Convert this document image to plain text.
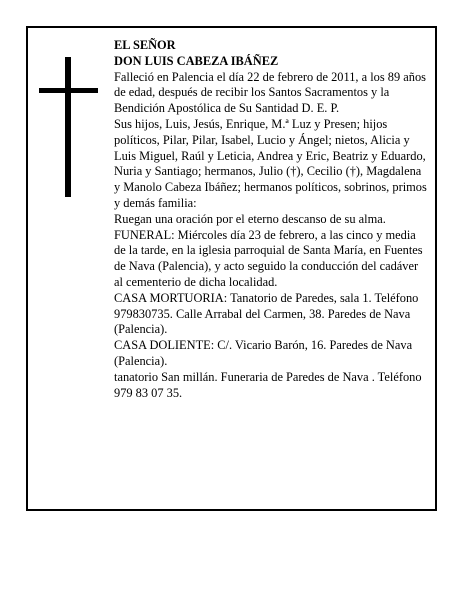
EL SEÑOR

DON LUIS CABEZA IBÁÑEZ

Falleció en Palencia el día 22 de febrero de 2011, a los 89 años de edad, después de recibir los Santos Sacramentos y la Bendición Apostólica de Su Santidad D. E. P.

Sus hijos, Luis, Jesús, Enrique, M.ª Luz y Presen; hijos políticos, Pilar, Pilar, Isabel, Lucio y Ángel; nietos, Alicia y Luis Miguel, Raúl y Leticia, Andrea y Eric, Beatriz y Eduardo, Nuria y Santiago; hermanos, Julio (†), Cecilio (†), Magdalena y Manolo Cabeza Ibáñez; hermanos políticos, sobrinos, primos y demás familia:

Ruegan una oración por el eterno descanso de su alma.

FUNERAL: Miércoles día 23 de febrero, a las cinco y media de la tarde, en la iglesia parroquial de Santa María, en Fuentes de Nava (Palencia), y acto seguido la conducción del cadáver al cementerio de dicha localidad.

CASA MORTUORIA: Tanatorio de Paredes, sala 1. Teléfono 979830735. Calle Arrabal del Carmen, 38. Paredes de Nava (Palencia).

CASA DOLIENTE: C/. Vicario Barón, 16. Paredes de Nava (Palencia).

tanatorio San millán. Funeraria de Paredes de Nava . Teléfono 979 83 07 35.
